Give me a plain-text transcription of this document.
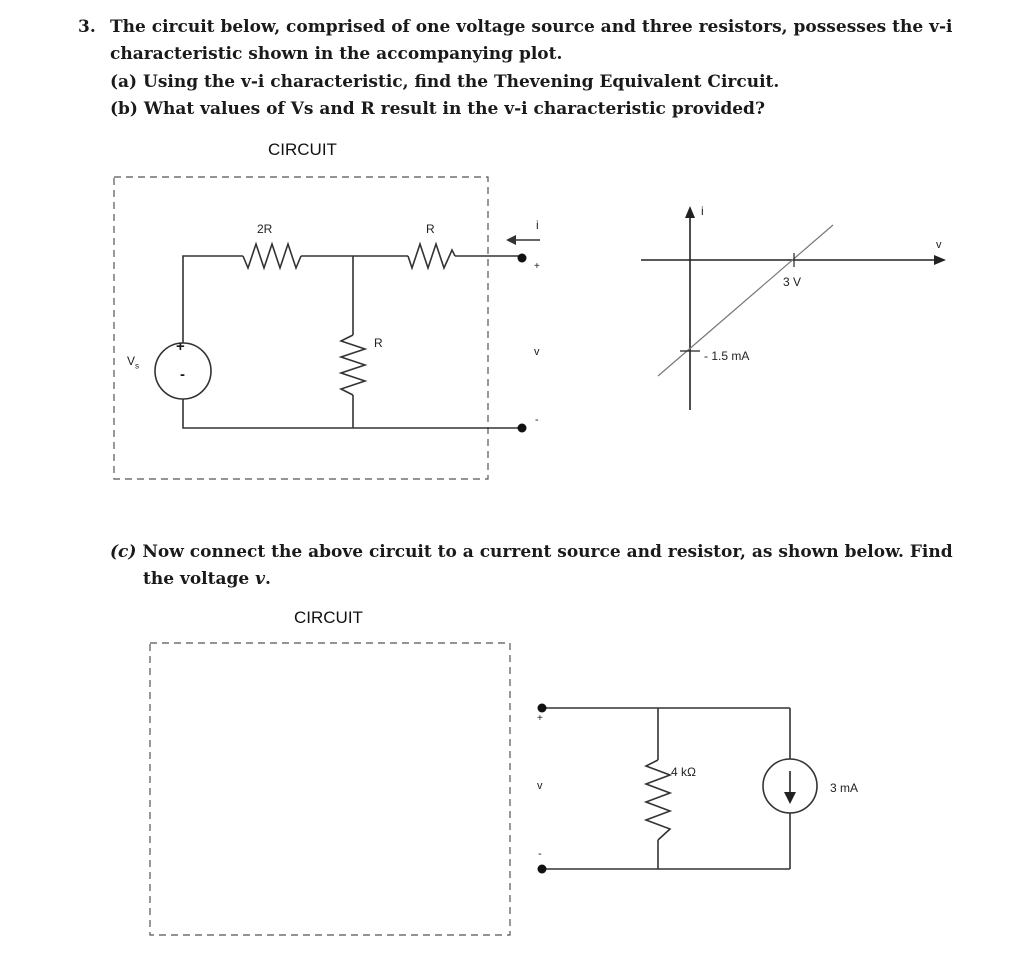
3. The circuit below, comprised of one voltage source and three resistors, possesses the v-i
characteristic shown in the accompanying plot.
(a) Using the v-i characteristic, find the Thevening Equivalent Circuit.
(b) What values of Vs and R result in the v-i characteristic provided?
CIRCUIT
2R	R
R
$V_s$
+
-
i
+
v
-
i
v
3 V
- 1.5 mA
(c) Now connect the above circuit to a current source and resistor, as shown below. Find
the voltage v.
CIRCUIT
+
v
-
4 kΩ
3 mA
